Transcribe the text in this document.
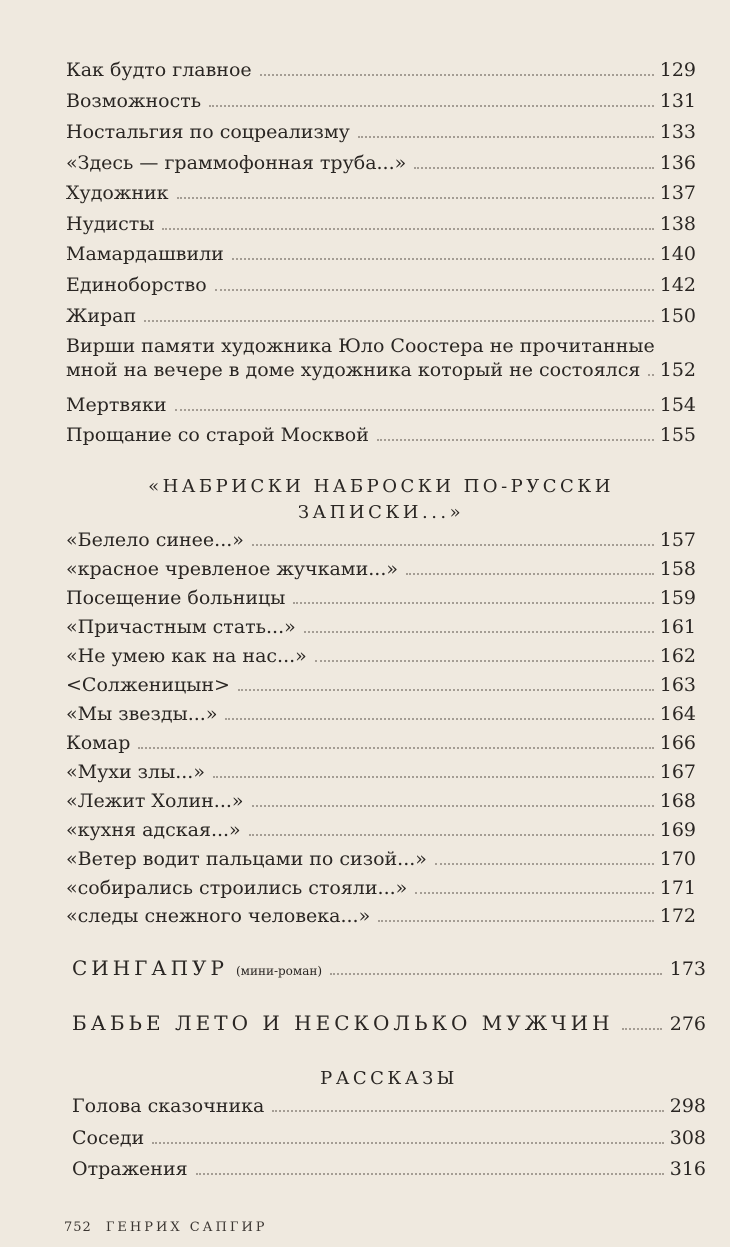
Как будто главное	129
Возможность	131
Ностальгия по соцреализму	133
«Здесь — граммофонная труба...»	136
Художник	137
Нудисты	138
Мамардашвили	140
Единоборство	142
Жирап	150
Вирши памяти художника Юло Соостера не прочитанные
мной на вечере в доме художника который не состоялся 152
Мертвяки	154
Прощание со старой Москвой	155
«НАБРИСКИ НАБРОСКИ ПО-РУССКИ
ЗАПИСКИ...»
«Белело синее...»	157
«красное чревленое жучками...»	158
Посещение больницы	159
«Причастным стать...»	161
«Не умею как на нас...»	162
<Солженицын>	163
«Мы звезды...»	164
Комар	166
«Мухи злы...»	167
«Лежит Холин...»	168
«кухня адская...»	169
«Ветер водит пальцами по сизой...»	170
«собирались строились стояли...»	171
«следы снежного человека...»	172
СИНГАПУР (мини-роман)	173
БАБЬЕ ЛЕТО И НЕСКОЛЬКО МУЖЧИН	276
РАССКАЗЫ
Голова сказочника	298
Соседи	308
Отражения	316
752 ГЕНРИХ САПГИР
